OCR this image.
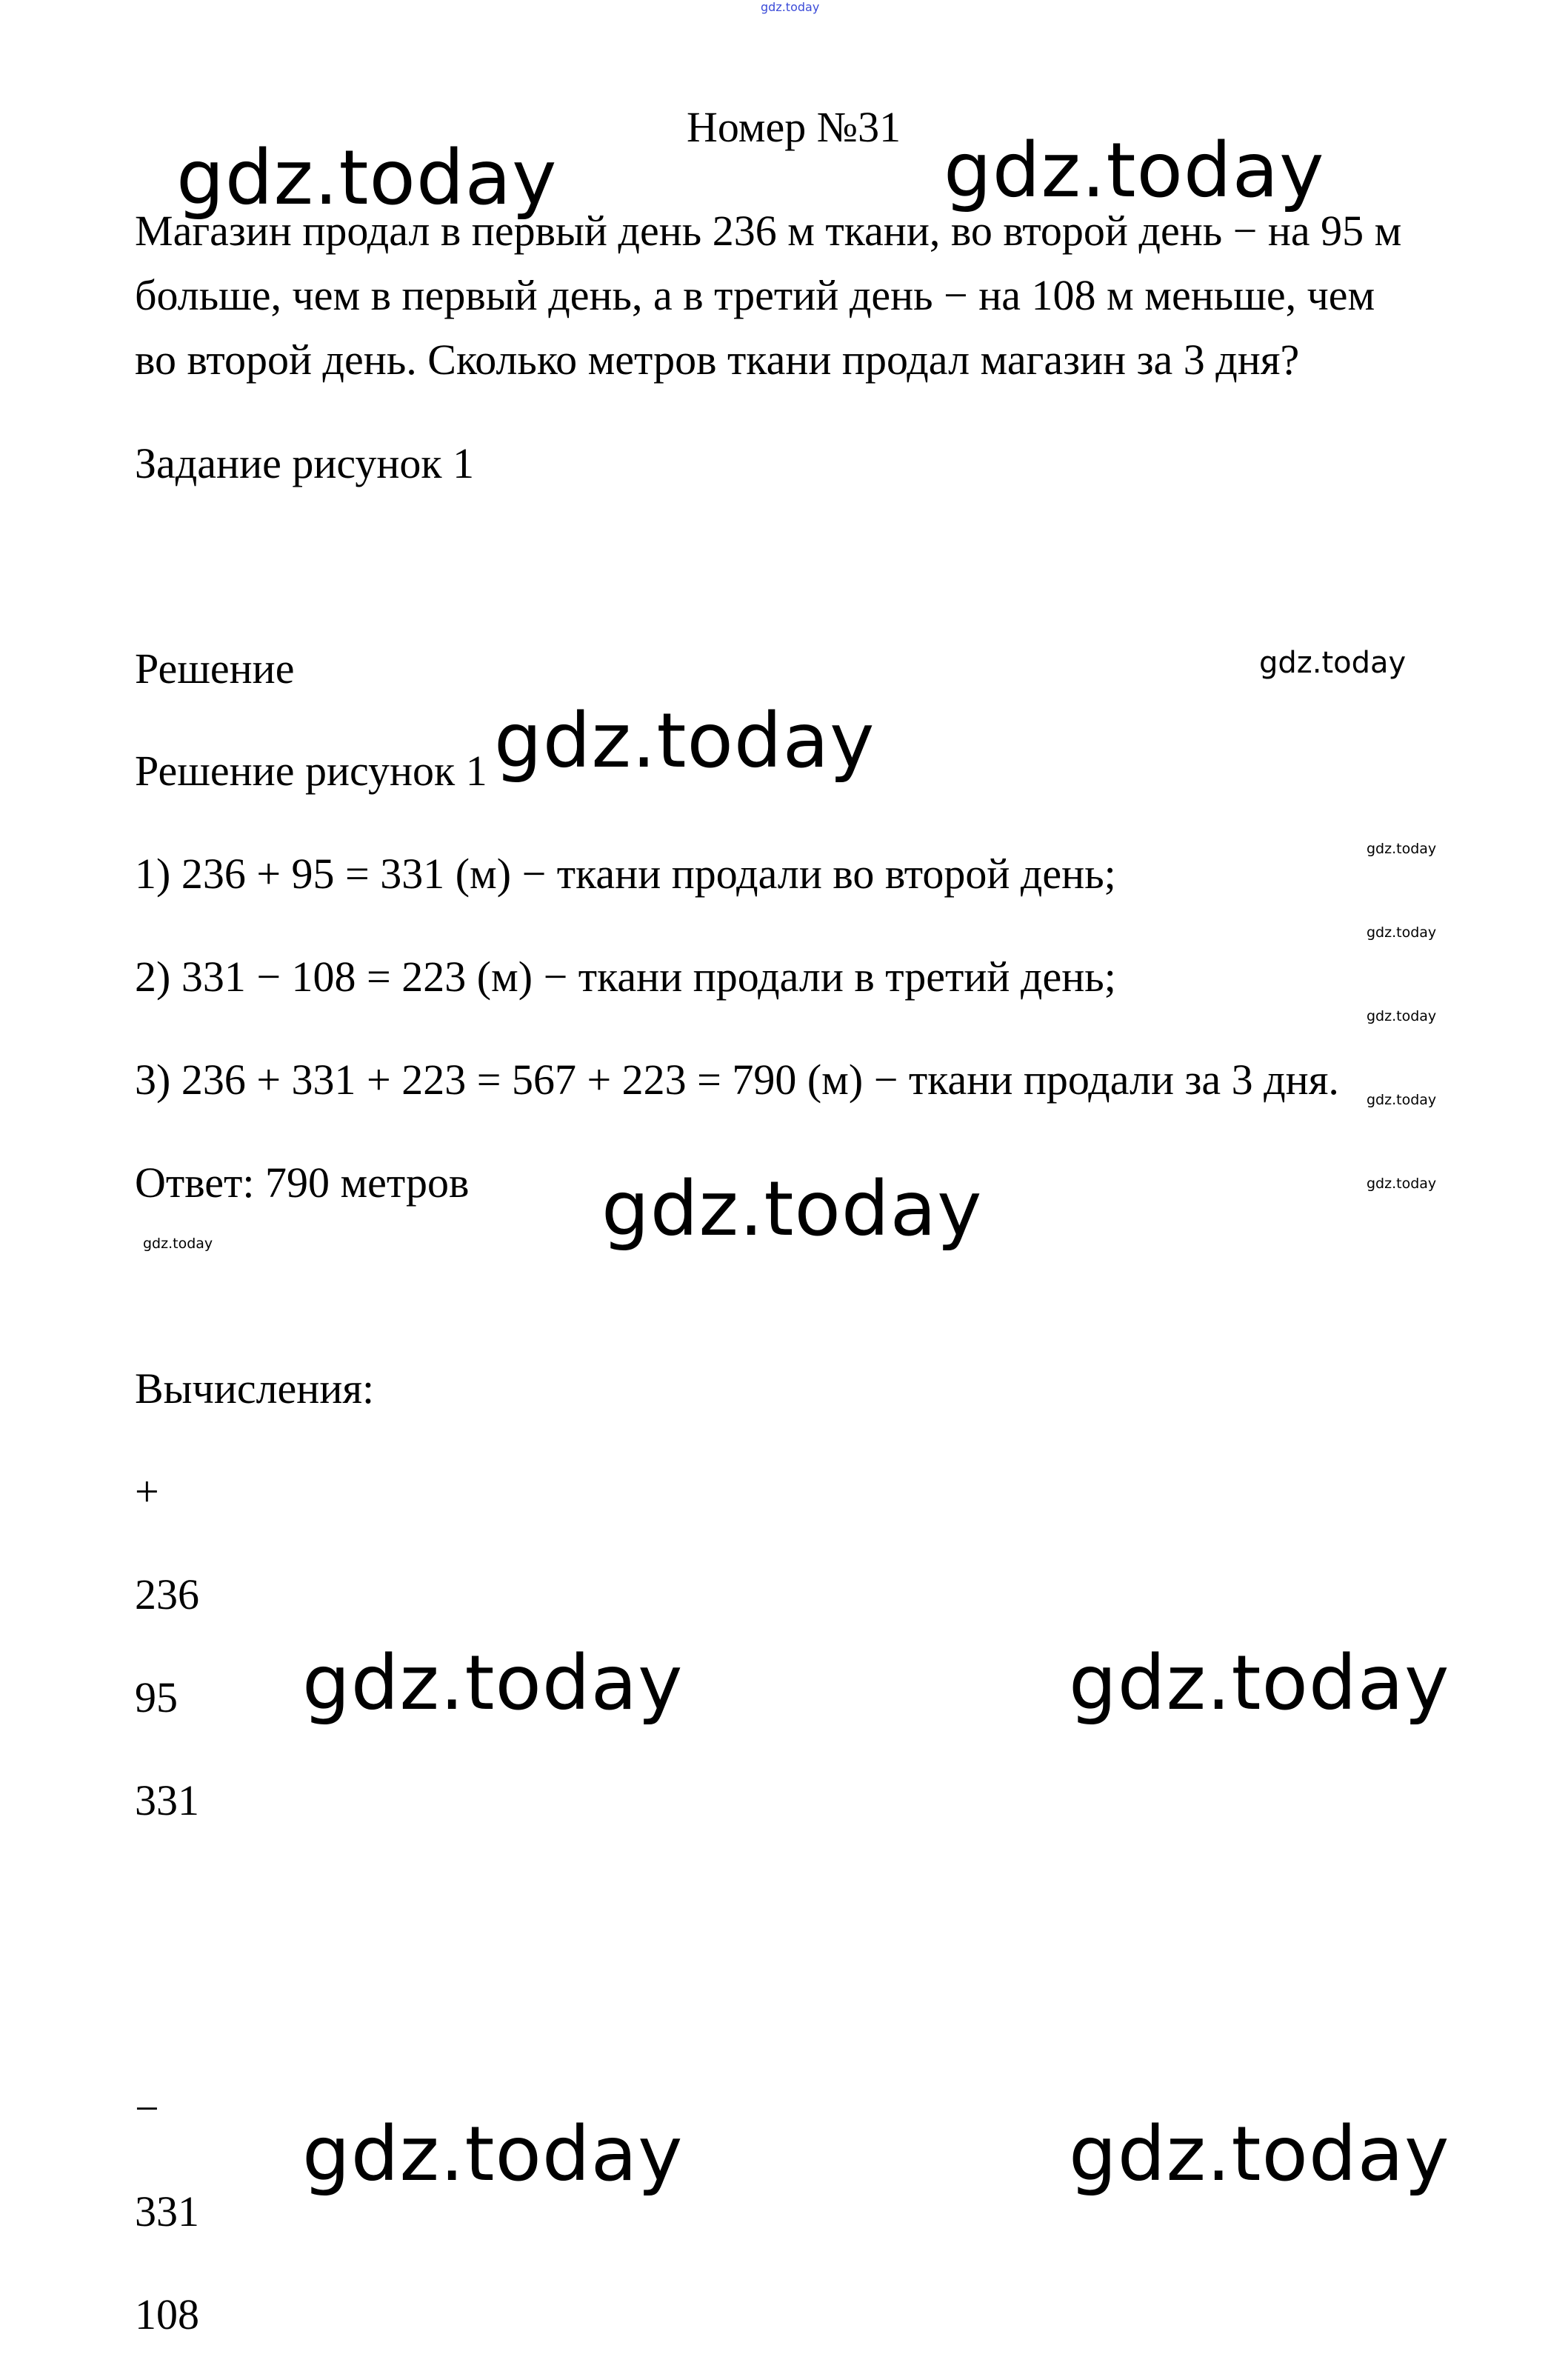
gdz.today
gdz.today	gdz.today
gdz.today
gdz.today
gdz.today
gdz.today
gdz.today
gdz.today
gdz.today
gdz.today
gdz.today
gdz.today	gdz.today
gdz.today	gdz.today
Номер №31
Магазин продал в первый день 236 м ткани, во второй день − на 95 м
больше, чем в первый день, а в третий день − на 108 м меньше, чем
во второй день. Сколько метров ткани продал магазин за 3 дня?
Задание рисунок 1
Решение
Решение рисунок 1
1) 236 + 95 = 331 (м) − ткани продали во второй день;
2) 331 − 108 = 223 (м) − ткани продали в третий день;
3) 236 + 331 + 223 = 567 + 223 = 790 (м) − ткани продали за 3 дня.
Ответ: 790 метров
Вычисления:
+
236
95
331
−
331
108
